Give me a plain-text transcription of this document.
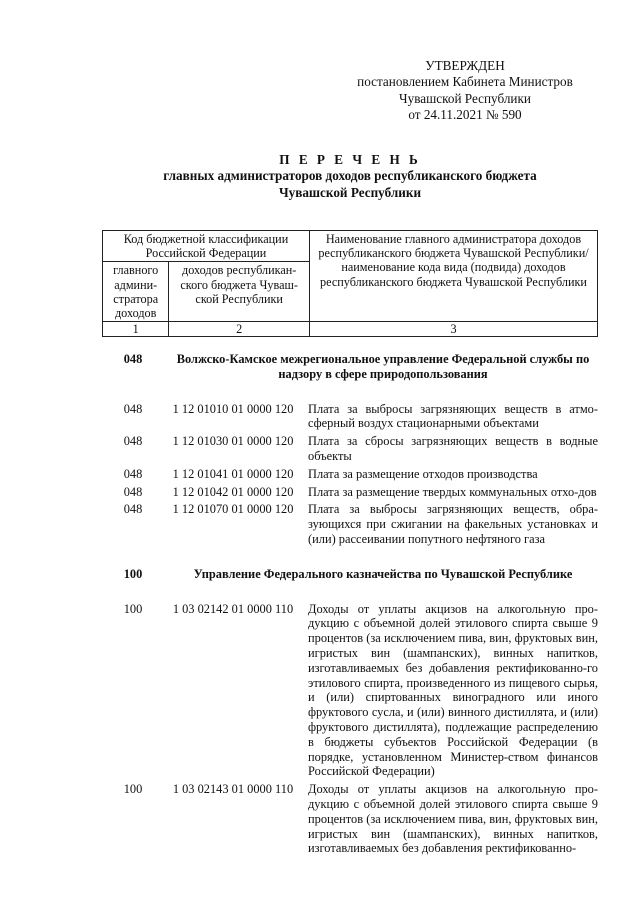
УТВЕРЖДЕН
постановлением Кабинета Министров
Чувашской Республики
от 24.11.2021 № 590
П Е Р Е Ч Е Н Ь
главных администраторов доходов республиканского бюджета
Чувашской Республики
Код бюджетной классификации Российской Федерации		Наименование главного администратора доходов республиканского бюджета Чувашской Республики/наименование кода вида (подвида) доходов республиканского бюджета Чувашской Республики
главного админи-стратора доходов	доходов республикан-ского бюджета Чуваш-ской Республики	
1	2	3
048	Волжско-Камское межрегиональное управление Федеральной службы по надзору в сфере природопользования
048	1 12 01010 01 0000 120	Плата за выбросы загрязняющих веществ в атмо-сферный воздух стационарными объектами
048	1 12 01030 01 0000 120	Плата за сбросы загрязняющих веществ в водные объекты
048	1 12 01041 01 0000 120	Плата за размещение отходов производства
048	1 12 01042 01 0000 120	Плата за размещение твердых коммунальных отхо-дов
048	1 12 01070 01 0000 120	Плата за выбросы загрязняющих веществ, обра-зующихся при сжигании на факельных установках и (или) рассеивании попутного нефтяного газа
100	Управление Федерального казначейства по Чувашской Республике
100	1 03 02142 01 0000 110	Доходы от уплаты акцизов на алкогольную про-дукцию с объемной долей этилового спирта свыше 9 процентов (за исключением пива, вин, фруктовых вин, игристых вин (шампанских), винных напитков, изготавливаемых без добавления ректификованно-го этилового спирта, произведенного из пищевого сырья, и (или) спиртованных виноградного или иного фруктового сусла, и (или) винного дистиллята, и (или) фруктового дистиллята), подлежащие распределению в бюджеты субъектов Российской Федерации (в порядке, установленном Министер-ством финансов Российской Федерации)
100	1 03 02143 01 0000 110	Доходы от уплаты акцизов на алкогольную про-дукцию с объемной долей этилового спирта свыше 9 процентов (за исключением пива, вин, фруктовых вин, игристых вин (шампанских), винных напитков, изготавливаемых без добавления ректификованно-
